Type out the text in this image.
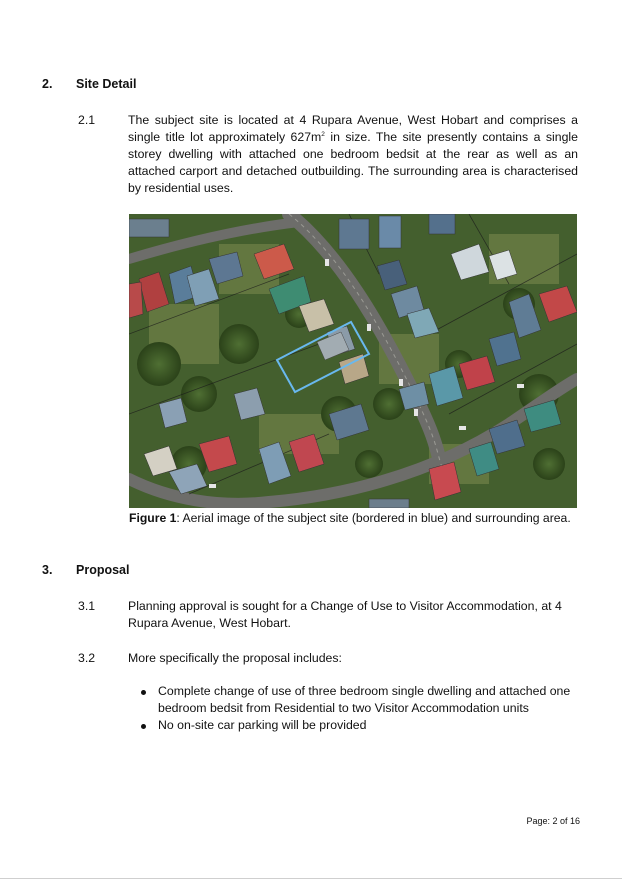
2.	Site Detail
2.1	The subject site is located at 4 Rupara Avenue, West Hobart and comprises a single title lot approximately $627m^2$ in size. The site presently contains a single storey dwelling with attached one bedroom bedsit at the rear as well as an attached carport and detached outbuilding. The surrounding area is characterised by residential uses.
Figure 1: Aerial image of the subject site (bordered in blue) and surrounding area.
3.	Proposal
3.1	Planning approval is sought for a Change of Use to Visitor Accommodation, at 4 Rupara Avenue, West Hobart.
3.2	More specifically the proposal includes:
Complete change of use of three bedroom single dwelling and attached one bedroom bedsit from Residential to two Visitor Accommodation units
No on-site car parking will be provided
Page: 2 of 16
